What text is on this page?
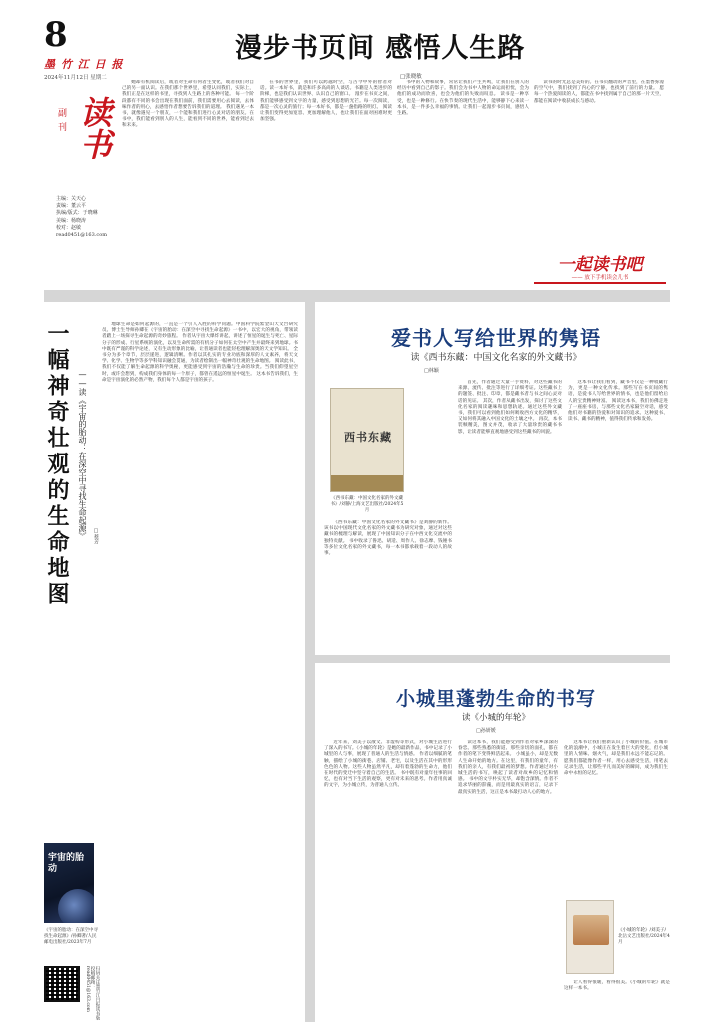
8
墨 竹 江 日 报
2024年11月12日 星期二
副刊 读书
主编：关天心
责编：董云平
执编/版式：于晓琳
美编：杨晓涛
校对：赵敏
read0451@163.com
漫步书页间 感悟人生路
□张晓敏

她却有机阅读后，或者对生命有何者生变化，或者我们对自己的另一面认识。在我们那个世界里，希望认同我们，实际上，我们正是在这样的书里，寻找到人生路上的各种可能。 每一个阶段都有不同的书会出现在我们面前，我们需要用心去阅读，去体味作者的用心，去感悟作者想要告诉我们的道理。 我们遇见一本书，就像遇见一个朋友，一个能和我们进行心灵对话的朋友。在书中，我们能看到别人的人生，能看到不同的世界，能看到过去和未来。

在书的世界里，我们可以跨越时空，与古今中外的智者对话。读一本好书，就是和许多高尚的人谈话。书籍是人类进步的阶梯，也是我们认识世界、认识自己的窗口。 漫步在书页之间，我们能够感受到文字的力量，感受到思想的光芒。每一次阅读，都是一次心灵的旅行；每一本好书，都是一盏指路的明灯。 阅读让我们变得更加宽容、更加理解他人，也让我们在面对困难时更加坚强。

书中的人物和故事，常常让我们产生共鸣，让我们在别人的经历中看到自己的影子。我们会为书中人物的命运而担忧，会为他们的成功而欣喜，也会为他们的失败而叹息。 读书是一种享受，也是一种修行。在快节奏的现代生活中，能够静下心来读一本书，是一件多么幸福的事情。让我们一起漫步书页间，感悟人生路。

读书的时光总是美好的。在书页翻动的声音里，在墨香弥漫的空气中，我们找到了内心的宁静，也找到了前行的力量。 愿每一个热爱阅读的人，都能在书中找到属于自己的那一片天空，都能在阅读中收获成长与感动。

一起读书吧
—— 放下手机读会儿书
一幅神奇壮观的生命地图	——读《宇宙的胎动：在深空中寻找生命起源》	□蔡芳

地球生命是如何起源的，一直是一个引人入胜的科学问题。中国科学院紫金山天文台研究员、博士生导师孙卿在《宇宙的胎动：在深空中寻找生命起源》一书中，以宏大的视角，带领读者踏上一场探寻生命起源的奇妙旅程。 作者从宇宙大爆炸讲起，讲述了恒星的诞生与死亡、星际分子的形成、行星系统的演化，以及生命所需的有机分子如何在太空中产生并最终来到地球。书中既有严谨的科学论述，又有生动形象的比喻，让普通读者也能轻松理解深奥的天文学知识。 全书分为多个章节，层层递进，逻辑清晰。作者以其扎实的专业功底和深厚的人文素养，将天文学、化学、生物学等多学科知识融会贯通，为读者绘制出一幅神奇壮观的生命地图。 阅读此书，我们不仅能了解生命起源的科学奥秘，更能感受到宇宙的浩瀚与生命的珍贵。当我们仰望星空时，或许会想到，构成我们身体的每一个原子，都曾在遥远的恒星中诞生。 这本书告诉我们，生命是宇宙演化的必然产物，我们每个人都是宇宙的孩子。

宇宙的胎动
《宇宙的胎动：在深空中寻找生命起源》/孙卿著/人民邮电出版社/2023年7月
扫码关注墨竹江日报读书版 投稿邮箱：read0451@163.com
爱书人写给世界的隽语
读《西书东藏：中国文化名家的外文藏书》
□林颖
西书东藏
《西书东藏：中国文化名家的外文藏书》/刘静/上海文艺出版社/2024年5月

《西书东藏：中国文化名家的外文藏书》是刘静的新作。该书以中国现代文化名家的外文藏书为研究对象，通过对这些藏书的梳理与解读，展现了中国知识分子在中西文化交流中的独特贡献。 书中收录了鲁迅、胡适、周作人、徐志摩、钱锺书等多位文化名家的外文藏书，每一本书都承载着一段动人的故事。

首先，作者通过大量一手资料，对这些藏书的来源、流传、批注等进行了详细考证。这些藏书上的题签、批注、印章，都是藏书者与书之间心灵对话的见证。 其次，作者从藏书出发，探讨了这些文化名家的阅读趣味和思想轨迹。通过这些外文藏书，我们可以看到他们如何吸收西方文化的精华，又如何将其融入中国文化的土壤之中。 再次，本书装帧精美，图文并茂，收录了大量珍贵的藏书书影，让读者能够直观地感受到这些藏书的风貌。

这本书让我们看到，藏书不仅是一种收藏行为，更是一种文化传承。那些写在书页间的隽语，是爱书人写给世界的情书，也是他们留给后人的宝贵精神财富。 阅读这本书，我们仿佛走进了一座座书房，与那些文化名家隔空对话，感受他们对书籍的热爱和对知识的追求。这种爱书、读书、藏书的精神，值得我们传承和发扬。

小城里蓬勃生命的书写
读《小城的年轮》
□孙妍媛

近年来，刘美子以散文、非虚构等形式，对小城生活进行了深入的书写。《小城的年轮》是她的最新作品，书中记录了小城里的人与事，展现了普通人的生活与情感。 作者以细腻的笔触，描绘了小城的街巷、店铺、老宅，以及生活在其中的形形色色的人物。这些人物虽然平凡，却有着蓬勃的生命力，他们在时代的变迁中坚守着自己的生活。 书中既有对童年往事的回忆，也有对当下生活的观察，更有对未来的思考。作者用真诚的文字，为小城立传，为普通人立传。

读这本书，我们能感受到作者对家乡深深的眷恋。那些熟悉的街道、那些亲切的面孔，都在作者的笔下变得鲜活起来。 小城虽小，却是无数人生命开始的地方。在这里，有我们的童年，有我们的亲人，有我们最初的梦想。作者通过对小城生活的书写，唤起了读者对故乡的记忆和情感。 书中的文字朴实无华，却饱含深情。作者不追求华丽的辞藻，而是用最真实的语言，记录下最真实的生活，这正是本书最打动人心的地方。

这本书让我们重新认识了小城的价值。在城市化的浪潮中，小城正在发生着巨大的变化，但小城里的人情味、烟火气，却是我们永远不能忘记的。 愿我们都能像作者一样，用心去感受生活，用笔去记录生活，让那些平凡而美好的瞬间，成为我们生命中永恒的记忆。

《小城的年轮》/刘美子/北岳文艺出版社/2024年4月

让人看得很暖，看得很美。《小城的年轮》就是这样一本书。
